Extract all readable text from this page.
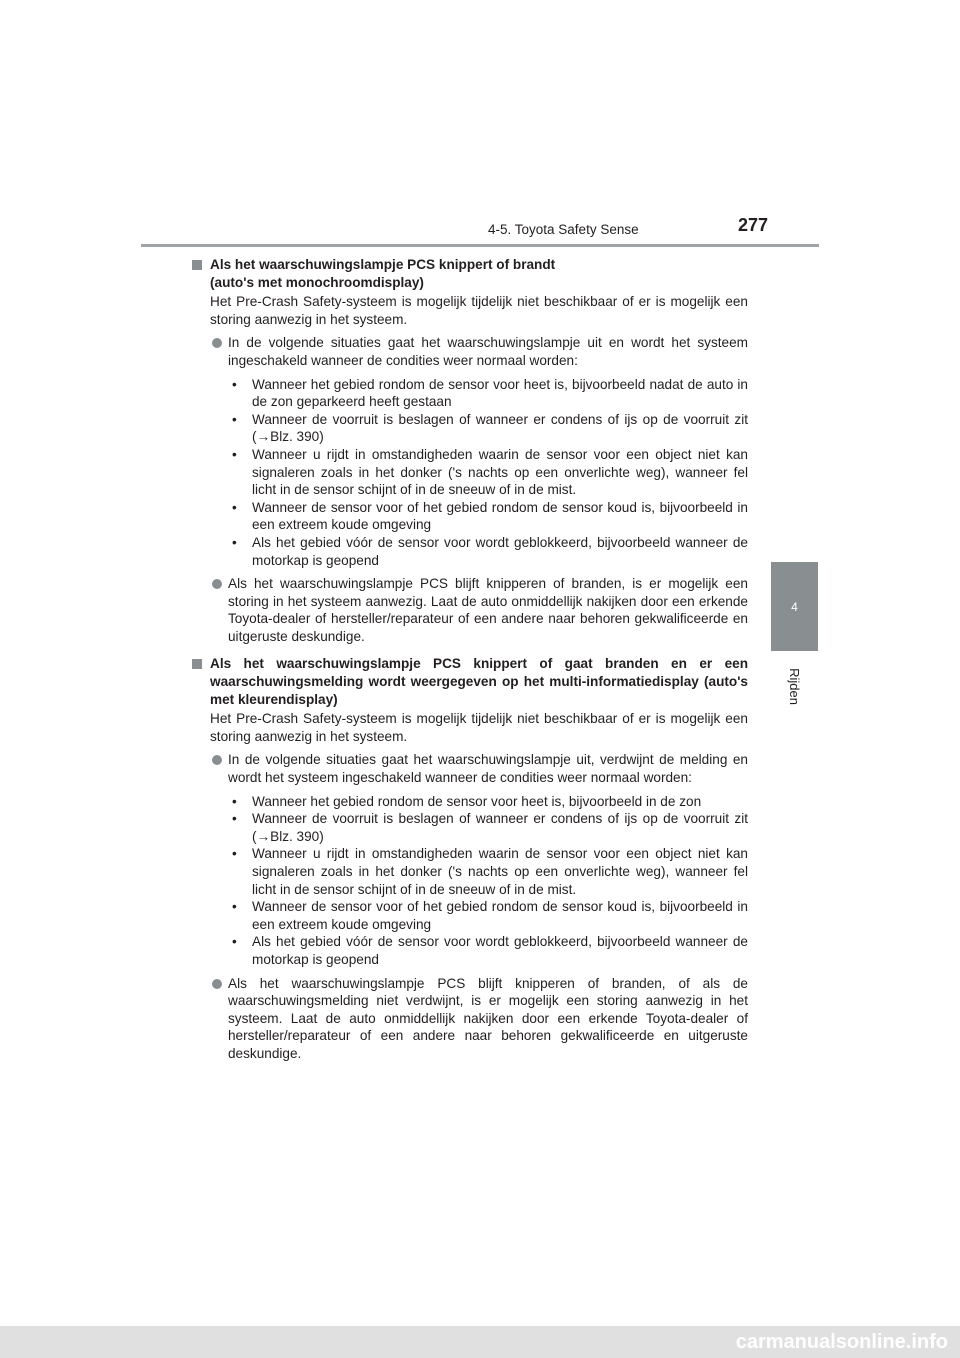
4-5. Toyota Safety Sense	277
4
Rijden
Als het waarschuwingslampje PCS knippert of brandt
(auto's met monochroomdisplay)

Het Pre-Crash Safety-systeem is mogelijk tijdelijk niet beschikbaar of er is mogelijk een storing aanwezig in het systeem.

In de volgende situaties gaat het waarschuwingslampje uit en wordt het systeem ingeschakeld wanneer de condities weer normaal worden:
• Wanneer het gebied rondom de sensor voor heet is, bijvoorbeeld nadat de auto in de zon geparkeerd heeft gestaan
• Wanneer de voorruit is beslagen of wanneer er condens of ijs op de voorruit zit (→Blz. 390)
• Wanneer u rijdt in omstandigheden waarin de sensor voor een object niet kan signaleren zoals in het donker ('s nachts op een onverlichte weg), wanneer fel licht in de sensor schijnt of in de sneeuw of in de mist.
• Wanneer de sensor voor of het gebied rondom de sensor koud is, bijvoorbeeld in een extreem koude omgeving
• Als het gebied vóór de sensor voor wordt geblokkeerd, bijvoorbeeld wanneer de motorkap is geopend
Als het waarschuwingslampje PCS blijft knipperen of branden, is er mogelijk een storing in het systeem aanwezig. Laat de auto onmiddellijk nakijken door een erkende Toyota-dealer of hersteller/reparateur of een andere naar behoren gekwalificeerde en uitgeruste deskundige.
Als het waarschuwingslampje PCS knippert of gaat branden en er een waarschuwingsmelding wordt weergegeven op het multi-informatiedisplay (auto's met kleurendisplay)

Het Pre-Crash Safety-systeem is mogelijk tijdelijk niet beschikbaar of er is mogelijk een storing aanwezig in het systeem.

In de volgende situaties gaat het waarschuwingslampje uit, verdwijnt de melding en wordt het systeem ingeschakeld wanneer de condities weer normaal worden:
• Wanneer het gebied rondom de sensor voor heet is, bijvoorbeeld in de zon
• Wanneer de voorruit is beslagen of wanneer er condens of ijs op de voorruit zit (→Blz. 390)
• Wanneer u rijdt in omstandigheden waarin de sensor voor een object niet kan signaleren zoals in het donker ('s nachts op een onverlichte weg), wanneer fel licht in de sensor schijnt of in de sneeuw of in de mist.
• Wanneer de sensor voor of het gebied rondom de sensor koud is, bijvoorbeeld in een extreem koude omgeving
• Als het gebied vóór de sensor voor wordt geblokkeerd, bijvoorbeeld wanneer de motorkap is geopend
Als het waarschuwingslampje PCS blijft knipperen of branden, of als de waarschuwingsmelding niet verdwijnt, is er mogelijk een storing aanwezig in het systeem. Laat de auto onmiddellijk nakijken door een erkende Toyota-dealer of hersteller/reparateur of een andere naar behoren gekwalificeerde en uitgeruste deskundige.
carmanualsonline.info
